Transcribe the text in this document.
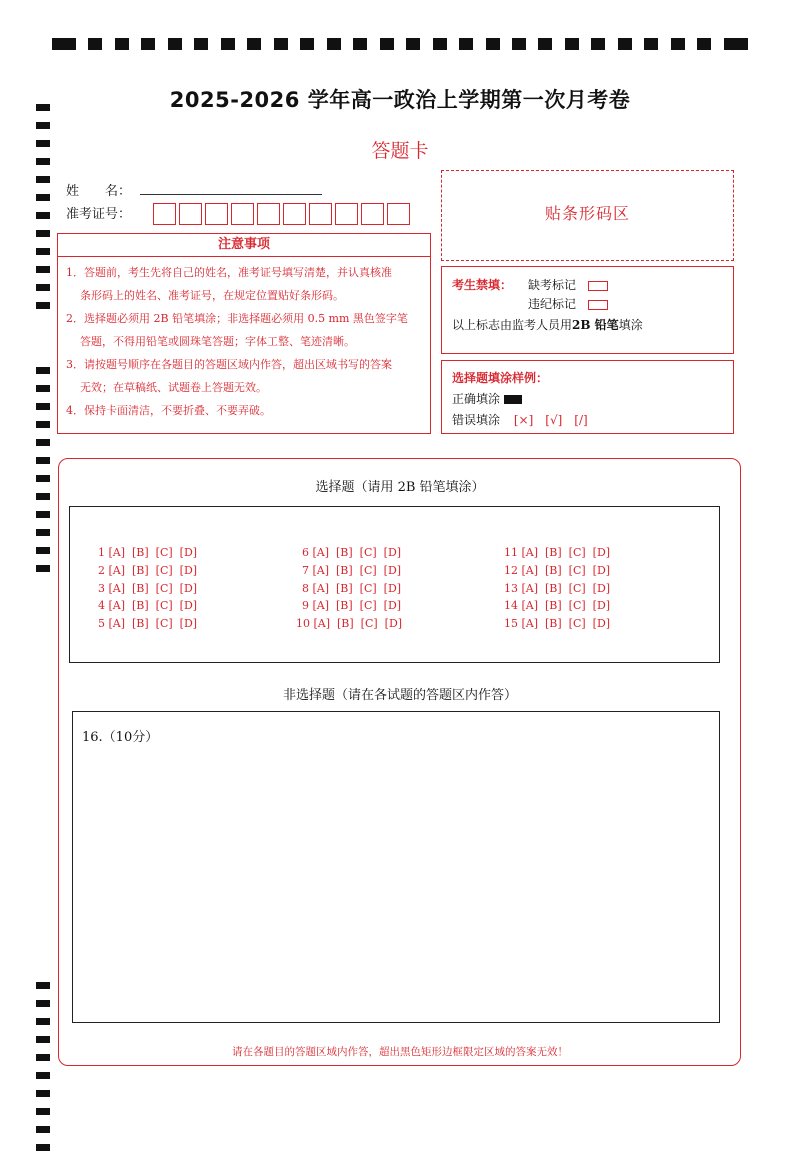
2025-2026 学年高一政治上学期第一次月考卷
答题卡
姓　　名：
准考证号：	贴条形码区
注意事项
1．答题前，考生先将自己的姓名，准考证号填写清楚，并认真核准
条形码上的姓名、准考证号，在规定位置贴好条形码。
2．选择题必须用 2B 铅笔填涂；非选择题必须用 0.5 mm 黑色签字笔
答题，不得用铅笔或圆珠笔答题；字体工整、笔迹清晰。
3．请按题号顺序在各题目的答题区域内作答，超出区域书写的答案
无效；在草稿纸、试题卷上答题无效。
4．保持卡面清洁，不要折叠、不要弄破。
考生禁填： 缺考标记
违纪标记
以上标志由监考人员用2B 铅笔填涂
选择题填涂样例：
正确填涂
错误填涂 [×]　[√]　[/]
选择题（请用 2B 铅笔填涂）
1 [A]  [B]  [C]  [D]
2 [A]  [B]  [C]  [D]
3 [A]  [B]  [C]  [D]
4 [A]  [B]  [C]  [D]
5 [A]  [B]  [C]  [D]
6 [A]  [B]  [C]  [D]
7 [A]  [B]  [C]  [D]
8 [A]  [B]  [C]  [D]
9 [A]  [B]  [C]  [D]
10 [A]  [B]  [C]  [D]
11 [A]  [B]  [C]  [D]
12 [A]  [B]  [C]  [D]
13 [A]  [B]  [C]  [D]
14 [A]  [B]  [C]  [D]
15 [A]  [B]  [C]  [D]
非选择题（请在各试题的答题区内作答）
16.（10分）
请在各题目的答题区域内作答，超出黑色矩形边框限定区域的答案无效！
